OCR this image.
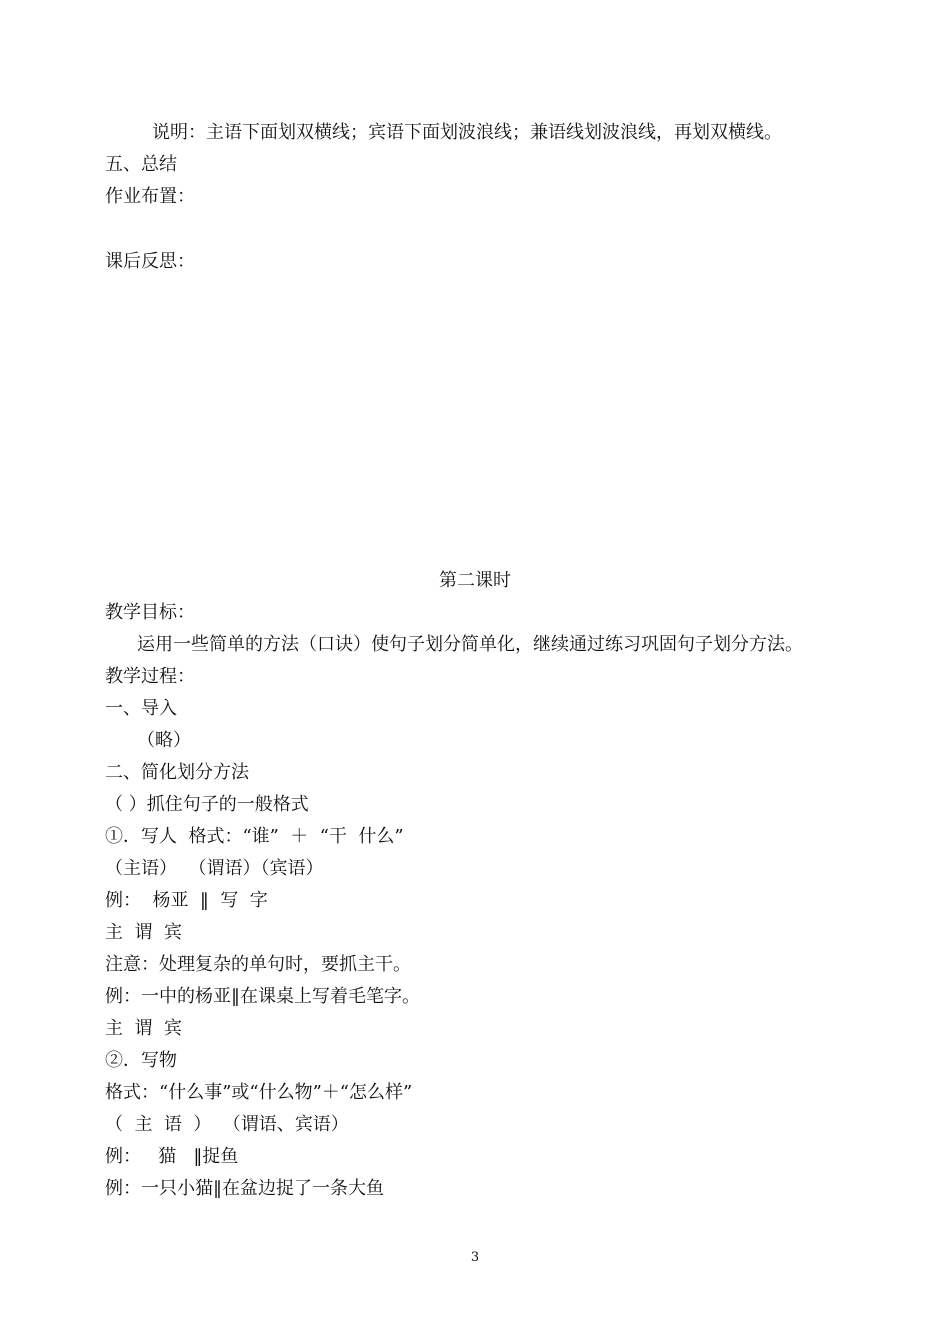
说明：主语下面划双横线；宾语下面划波浪线；兼语线划波浪线，再划双横线。

五、总结

作业布置：

课后反思：

第二课时

教学目标：

运用一些简单的方法（口诀）使句子划分简单化，继续通过练习巩固句子划分方法。

教学过程：

一、导入

（略）

二、简化划分方法

（ ）抓住句子的一般格式

①．写人  格式：“谁”  ＋  “干  什么”

（主语）  （谓语）（宾语）

例：  杨亚  ‖  写  字

主  谓  宾

注意：处理复杂的单句时，要抓主干。

例：一中的杨亚‖在课桌上写着毛笔字。

主  谓  宾

②．写物

格式：“什么事”或“什么物”＋“怎么样”

（  主  语  ）  （谓语、宾语）

例：   猫   ‖捉鱼

例：一只小猫‖在盆边捉了一条大鱼

3
